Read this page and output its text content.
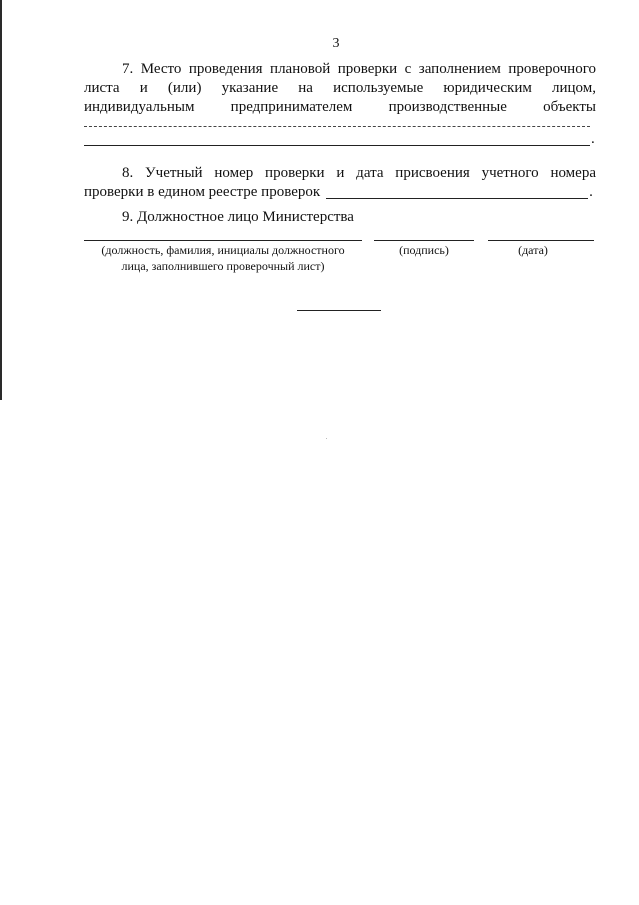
3
7. Место проведения плановой проверки с заполнением проверочного
листа и (или) указание на используемые юридическим лицом,
индивидуальным предпринимателем производственные объекты
.
8. Учетный номер проверки и дата присвоения учетного номера
проверки в едином реестре проверок	.
9. Должностное лицо Министерства
(должность, фамилия, инициалы должностного
лица, заполнившего проверочный лист)
(подпись)	(дата)
